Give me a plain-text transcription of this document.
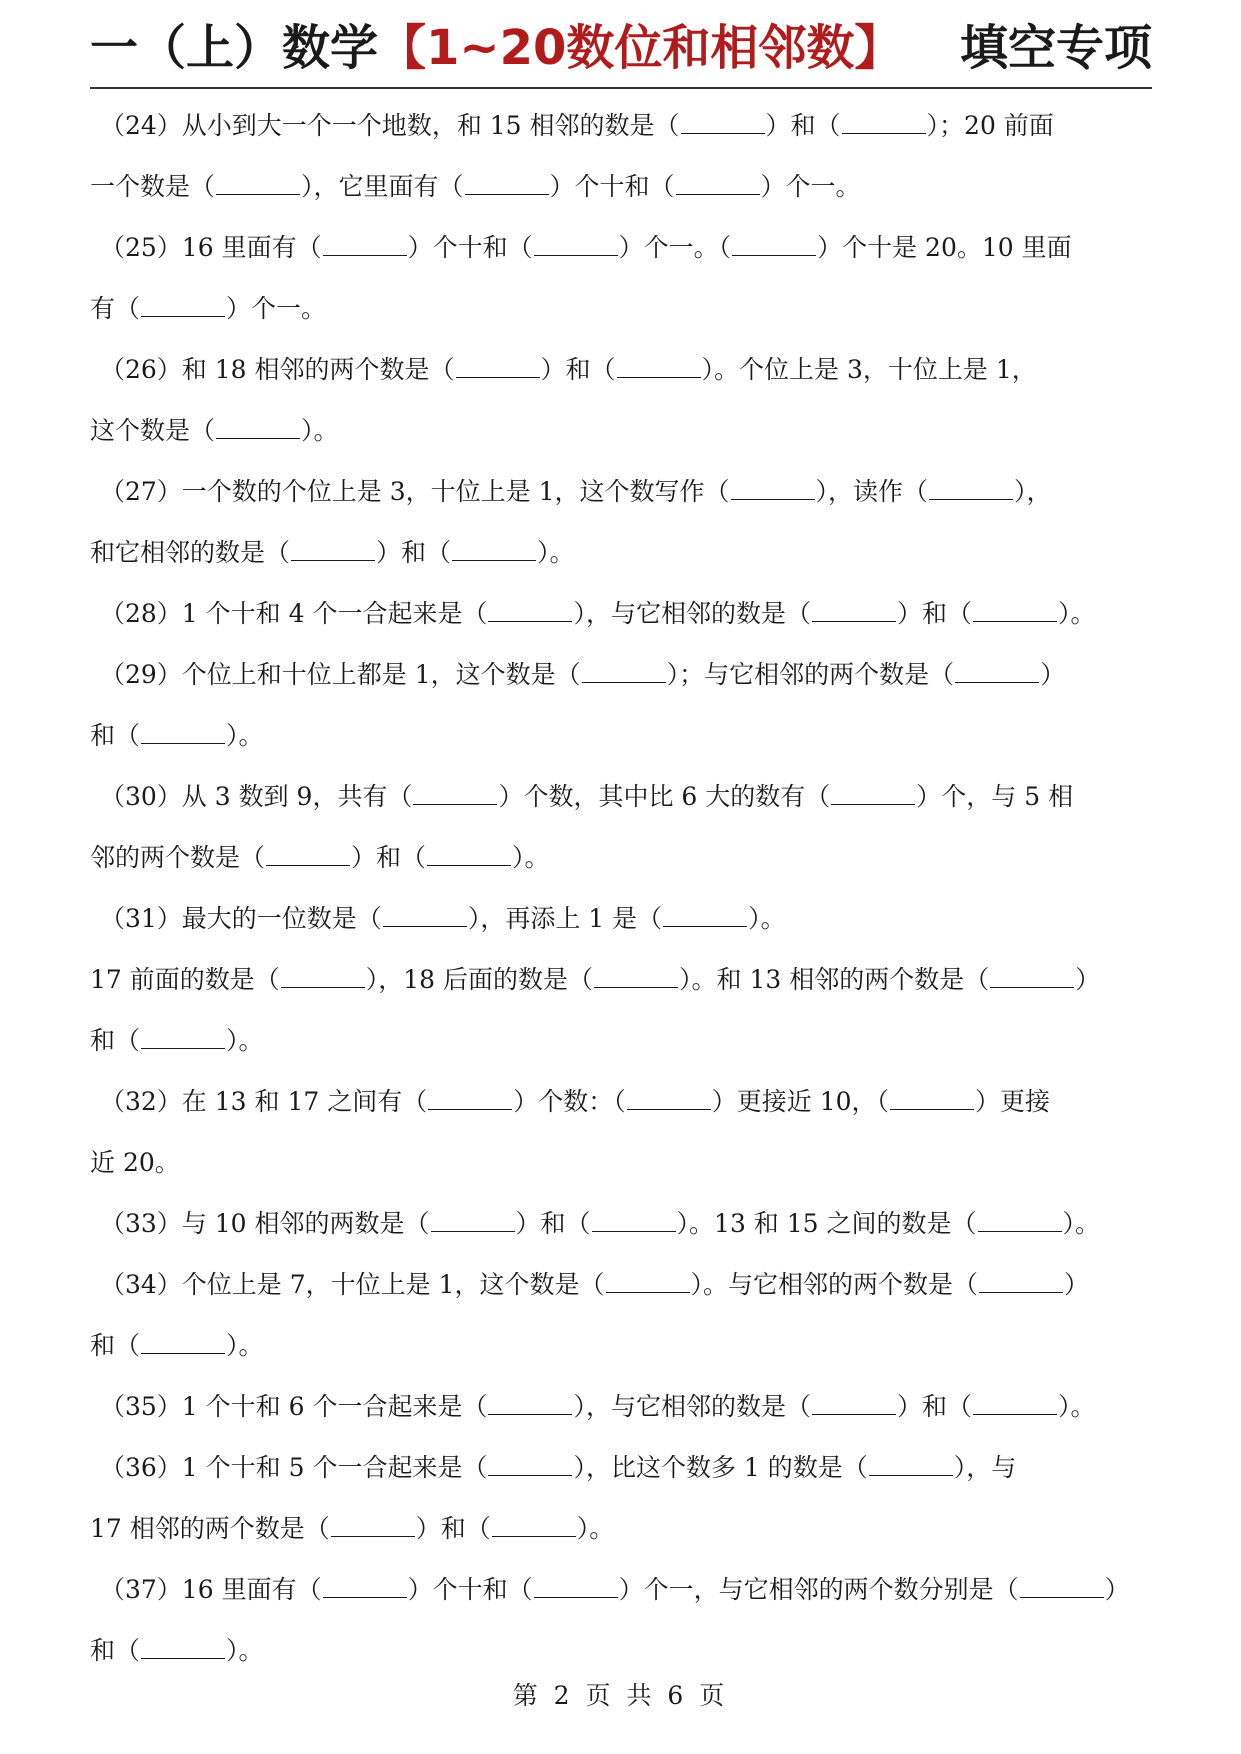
一（上）数学【1~20数位和相邻数】 填空专项
（24）从小到大一个一个地数，和 15 相邻的数是（	）和（	）；20 前面
一个数是（	），它里面有（	）个十和（	）个一。
（25）16 里面有（	）个十和（	）个一。（	）个十是 20。10 里面
有（	）个一。
（26）和 18 相邻的两个数是（	）和（	）。个位上是 3，十位上是 1，
这个数是（	）。
（27）一个数的个位上是 3，十位上是 1，这个数写作（	），读作（	），
和它相邻的数是（	）和（	）。
（28）1 个十和 4 个一合起来是（	），与它相邻的数是（	）和（	）。
（29）个位上和十位上都是 1，这个数是（	）；与它相邻的两个数是（	）
和（	）。
（30）从 3 数到 9，共有（	）个数，其中比 6 大的数有（	）个，与 5 相
邻的两个数是（	）和（	）。
（31）最大的一位数是（	），再添上 1 是（	）。
17 前面的数是（	），18 后面的数是（	）。和 13 相邻的两个数是（	）
和（	）。
（32）在 13 和 17 之间有（	）个数：（	）更接近 10，（	）更接
近 20。
（33）与 10 相邻的两数是（	）和（	）。13 和 15 之间的数是（	）。
（34）个位上是 7，十位上是 1，这个数是（	）。与它相邻的两个数是（	）
和（	）。
（35）1 个十和 6 个一合起来是（	），与它相邻的数是（	）和（	）。
（36）1 个十和 5 个一合起来是（	），比这个数多 1 的数是（	），与
17 相邻的两个数是（	）和（	）。
（37）16 里面有（	）个十和（	）个一，与它相邻的两个数分别是（	）
和（	）。
第 2 页 共 6 页
